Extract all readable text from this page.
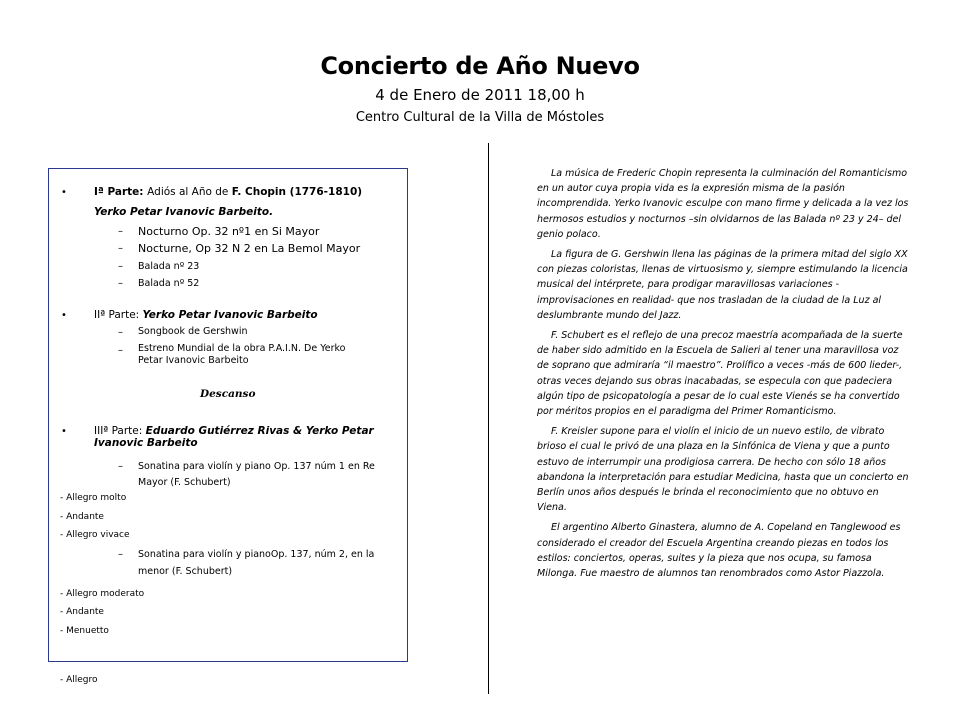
Concierto de Año Nuevo
4 de Enero de 2011 18,00 h
Centro Cultural de la Villa de Móstoles
•	Iª Parte: Adiós al Año de F. Chopin (1776-1810)
Yerko Petar Ivanovic Barbeito.
– Nocturno Op. 32 nº1 en Si Mayor
– Nocturne, Op 32 N 2 en La Bemol Mayor
– Balada nº 23
– Balada nº 52
•	IIª Parte: Yerko Petar Ivanovic Barbeito
– Songbook de Gershwin
– Estreno Mundial de la obra P.A.I.N. De Yerko
Petar Ivanovic Barbeito
Descanso
•	IIIª Parte: Eduardo Gutiérrez Rivas & Yerko Petar
Ivanovic Barbeito
– Sonatina para violín y piano Op. 137 núm 1 en Re
Mayor (F. Schubert)
- Allegro molto
- Andante
- Allegro vivace
– Sonatina para violín y pianoOp. 137, núm 2, en la
menor (F. Schubert)
- Allegro moderato
- Andante
- Menuetto
- Allegro

La música de Frederic Chopin representa la culminación del Romanticismo en un autor cuya propia vida es la expresión misma de la pasión incomprendida. Yerko Ivanovic esculpe con mano firme y delicada a la vez los hermosos estudios y nocturnos –sin olvidarnos de las Balada nº 23 y 24– del genio polaco.

La figura de G. Gershwin llena las páginas de la primera mitad del siglo XX con piezas coloristas, llenas de virtuosismo y, siempre estimulando la licencia musical del intérprete, para prodigar maravillosas variaciones -improvisaciones en realidad- que nos trasladan de la ciudad de la Luz al deslumbrante mundo del Jazz.

F. Schubert es el reflejo de una precoz maestría acompañada de la suerte de haber sido admitido en la Escuela de Salieri al tener una maravillosa voz de soprano que admiraría “il maestro”. Prolífico a veces -más de 600 lieder-, otras veces dejando sus obras inacabadas, se especula con que padeciera algún tipo de psicopatología a pesar de lo cual este Vienés se ha convertido por méritos propios en el paradigma del Primer Romanticismo.

F. Kreisler supone para el violín el inicio de un nuevo estilo, de vibrato brioso el cual le privó de una plaza en la Sinfónica de Viena y que a punto estuvo de interrumpir una prodigiosa carrera. De hecho con sólo 18 años abandona la interpretación para estudiar Medicina, hasta que un concierto en Berlín unos años después le brinda el reconocimiento que no obtuvo en Viena.

El argentino Alberto Ginastera, alumno de A. Copeland en Tanglewood es considerado el creador del Escuela Argentina creando piezas en todos los estilos: conciertos, operas, suites y la pieza que nos ocupa, su famosa Milonga. Fue maestro de alumnos tan renombrados como Astor Piazzola.
